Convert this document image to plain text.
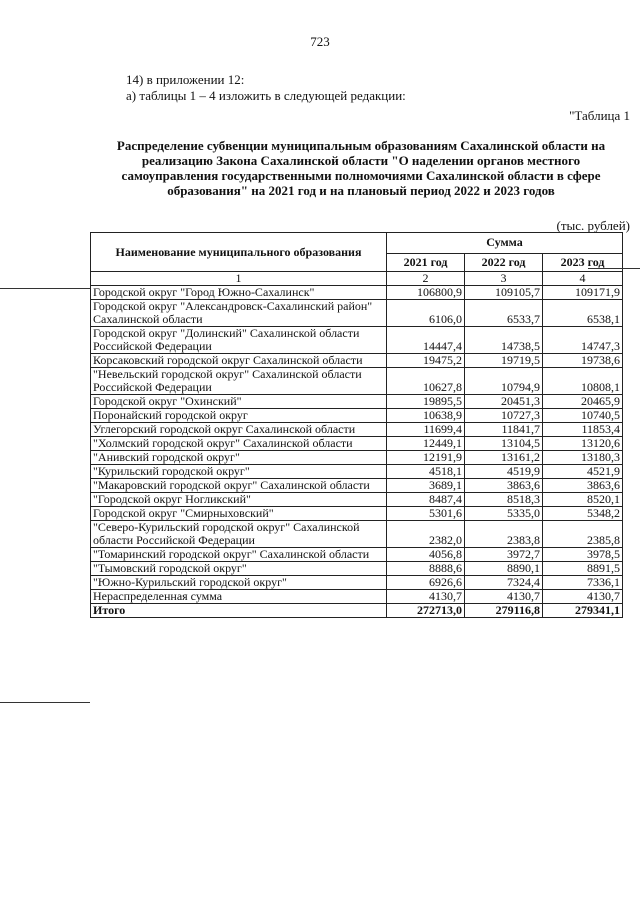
723
14) в приложении 12:
а) таблицы 1 – 4 изложить в следующей редакции:
"Таблица 1
Распределение субвенции муниципальным образованиям Сахалинской области на реализацию Закона Сахалинской области "О наделении органов местного самоуправления государственными полномочиями Сахалинской области в сфере образования" на 2021 год и на плановый период 2022 и 2023 годов
(тыс. рублей)
Наименование муниципального образования	Сумма		
	2021 год	2022 год	2023 год
1	2	3	4
Городской округ "Город Южно-Сахалинск"	106800,9	109105,7	109171,9
Городской округ "Александровск-Сахалинский район" Сахалинской области	6106,0	6533,7	6538,1
Городской округ "Долинский" Сахалинской области Российской Федерации	14447,4	14738,5	14747,3
Корсаковский городской округ Сахалинской области	19475,2	19719,5	19738,6
"Невельский городской округ" Сахалинской области Российской Федерации	10627,8	10794,9	10808,1
Городской округ "Охинский"	19895,5	20451,3	20465,9
Поронайский городской округ	10638,9	10727,3	10740,5
Углегорский городской округ Сахалинской области	11699,4	11841,7	11853,4
"Холмский городской округ" Сахалинской области	12449,1	13104,5	13120,6
"Анивский городской округ"	12191,9	13161,2	13180,3
"Курильский городской округ"	4518,1	4519,9	4521,9
"Макаровский городской округ" Сахалинской области	3689,1	3863,6	3863,6
"Городской округ Ногликский"	8487,4	8518,3	8520,1
Городской округ "Смирныховский"	5301,6	5335,0	5348,2
"Северо-Курильский городской округ" Сахалинской области Российской Федерации	2382,0	2383,8	2385,8
"Томаринский городской округ" Сахалинской области	4056,8	3972,7	3978,5
"Тымовский городской округ"	8888,6	8890,1	8891,5
"Южно-Курильский городской округ"	6926,6	7324,4	7336,1
Нераспределенная сумма	4130,7	4130,7	4130,7
Итого	272713,0	279116,8	279341,1
